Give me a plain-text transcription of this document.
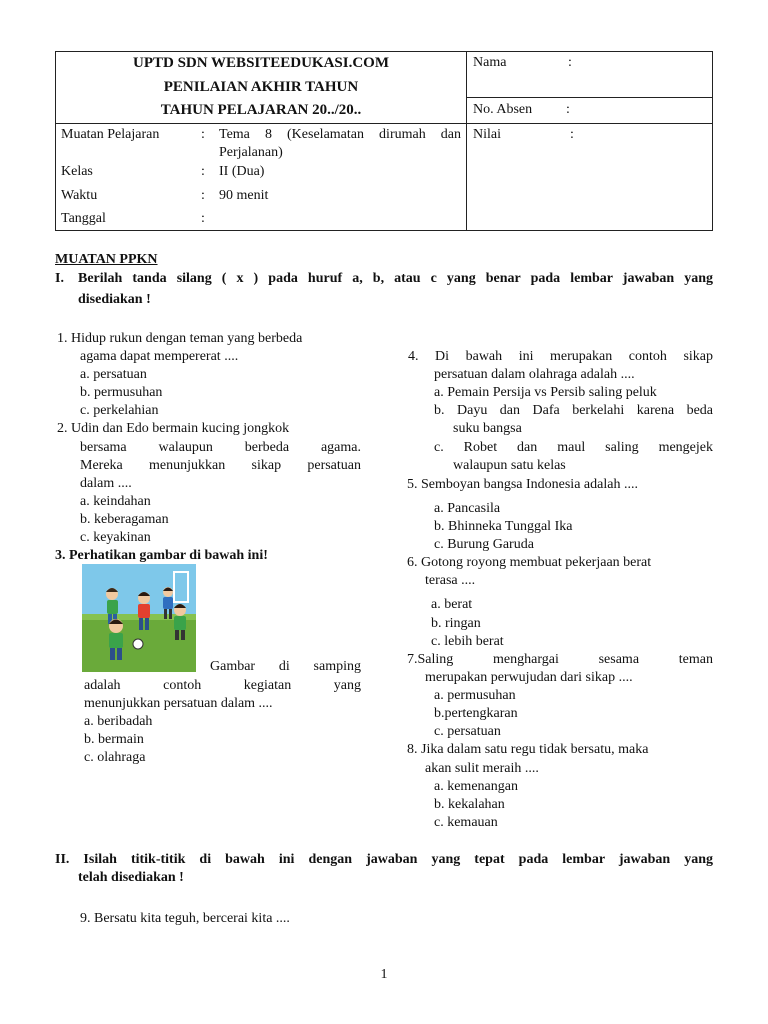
UPTD SDN WEBSITEEDUKASI.COM
PENILAIAN AKHIR TAHUN
TAHUN PELAJARAN 20../20..
Nama	:
No. Absen :
Nilai	:
Muatan Pelajaran	: Tema 8 (Keselamatan dirumah dan
Perjalanan)
Kelas	: II (Dua)
Waktu	: 90 menit
Tanggal	:
MUATAN PPKN
I. Berilah tanda silang ( x ) pada huruf a, b, atau c yang benar pada lembar jawaban yang
disediakan !
1. Hidup rukun dengan teman yang berbeda
agama dapat mempererat ....
a. persatuan
b. permusuhan
c. perkelahian
2. Udin dan Edo bermain kucing jongkok
bersama walaupun berbeda agama.
Mereka menunjukkan sikap persatuan
dalam ....
a. keindahan
b. keberagaman
c. keyakinan
3. Perhatikan gambar di bawah ini!
Gambar di samping
adalah contoh kegiatan yang
menunjukkan persatuan dalam ....
a. beribadah
b. bermain
c. olahraga
4. Di bawah ini merupakan contoh sikap
persatuan dalam olahraga adalah ....
a. Pemain Persija vs Persib saling peluk
b. Dayu dan Dafa berkelahi karena beda
suku bangsa
c. Robet dan maul saling mengejek
walaupun satu kelas
5. Semboyan bangsa Indonesia adalah ....
a. Pancasila
b. Bhinneka Tunggal Ika
c. Burung Garuda
6. Gotong royong membuat pekerjaan berat
terasa ....
a. berat
b. ringan
c. lebih berat
7.Saling menghargai sesama teman
merupakan perwujudan dari sikap ....
a. permusuhan
b.pertengkaran
c. persatuan
8. Jika dalam satu regu tidak bersatu, maka
akan sulit meraih ....
a. kemenangan
b. kekalahan
c. kemauan
II. Isilah titik-titik di bawah ini dengan jawaban yang tepat pada lembar jawaban yang
telah disediakan !
9. Bersatu kita teguh, bercerai kita ....
1
